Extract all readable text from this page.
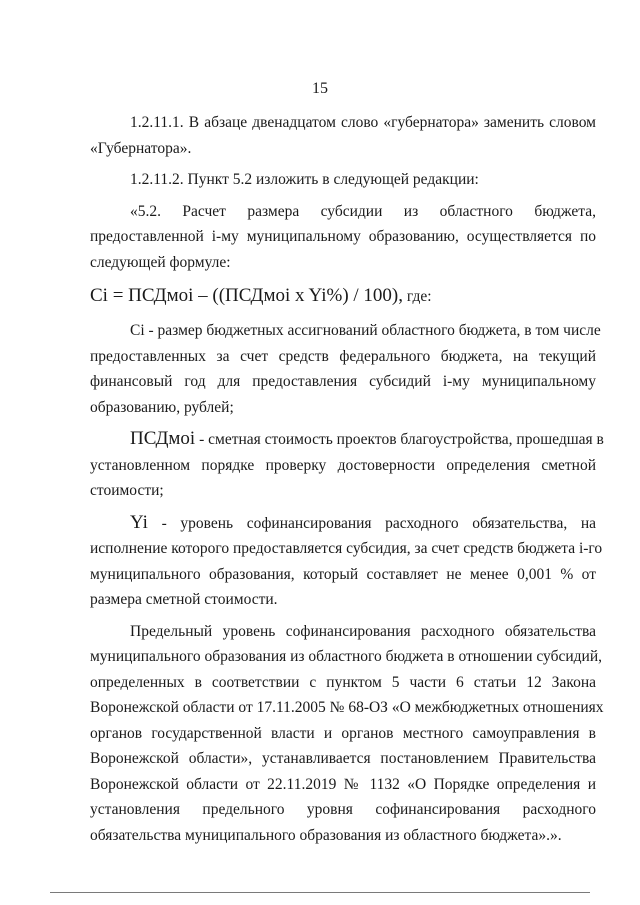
15

1.2.11.1. В абзаце двенадцатом слово «губернатора» заменить словом
«Губернатора».

1.2.11.2. Пункт 5.2 изложить в следующей редакции:

«5.2. Расчет размера субсидии из областного бюджета,
предоставленной i-му муниципальному образованию, осуществляется по
следующей формуле:

Ci = ПСДмоi – ((ПСДмоi x Yi%) / 100), где:

Ci - размер бюджетных ассигнований областного бюджета, в том числе
предоставленных за счет средств федерального бюджета, на текущий
финансовый год для предоставления субсидий i-му муниципальному
образованию, рублей;

ПСДмоi - сметная стоимость проектов благоустройства, прошедшая в
установленном порядке проверку достоверности определения сметной
стоимости;

Yi - уровень софинансирования расходного обязательства, на
исполнение которого предоставляется субсидия, за счет средств бюджета i-го
муниципального образования, который составляет не менее 0,001 % от
размера сметной стоимости.

Предельный уровень софинансирования расходного обязательства
муниципального образования из областного бюджета в отношении субсидий,
определенных в соответствии с пунктом 5 части 6 статьи 12 Закона
Воронежской области от 17.11.2005 № 68-ОЗ «О межбюджетных отношениях
органов государственной власти и органов местного самоуправления в
Воронежской области», устанавливается постановлением Правительства
Воронежской области от 22.11.2019 № 1132 «О Порядке определения и
установления предельного уровня софинансирования расходного
обязательства муниципального образования из областного бюджета».».
